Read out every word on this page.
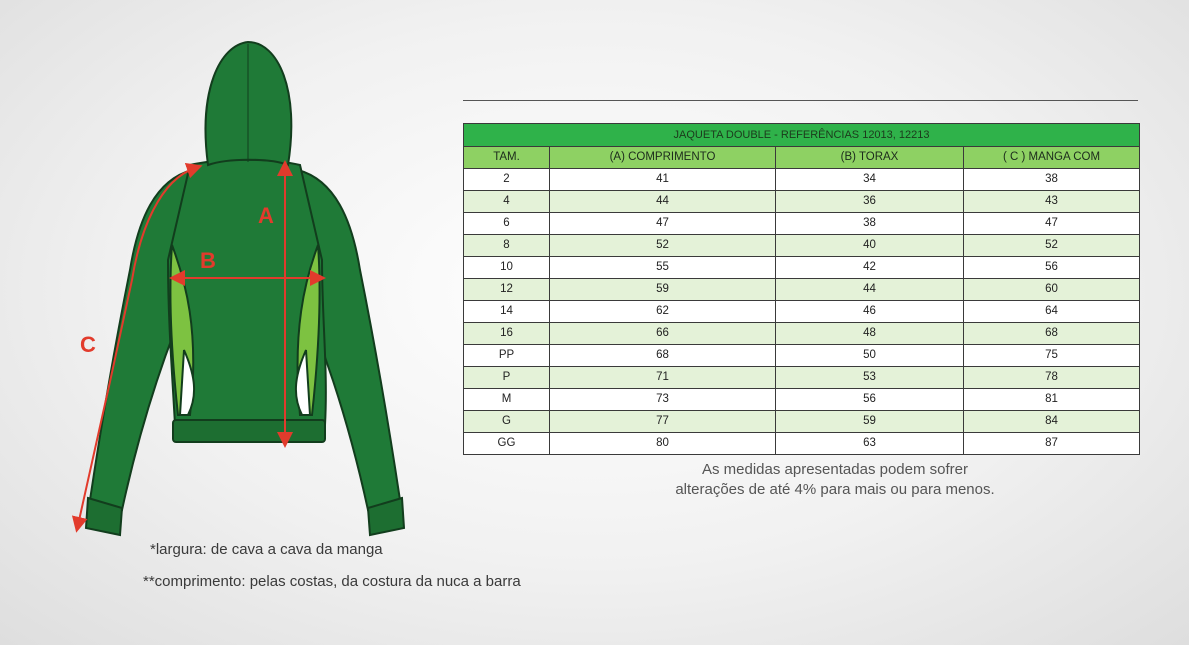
A
B
C
JAQUETA DOUBLE - REFERÊNCIAS 12013, 12213			
TAM.	(A) COMPRIMENTO	(B) TORAX	( C ) MANGA COM
2	41	34	38
4	44	36	43
6	47	38	47
8	52	40	52
10	55	42	56
12	59	44	60
14	62	46	64
16	66	48	68
PP	68	50	75
P	71	53	78
M	73	56	81
G	77	59	84
GG	80	63	87
As medidas apresentadas podem sofrer
alterações de até 4% para mais ou para menos.
*largura: de cava a cava da manga
**comprimento: pelas costas, da costura da nuca a barra
